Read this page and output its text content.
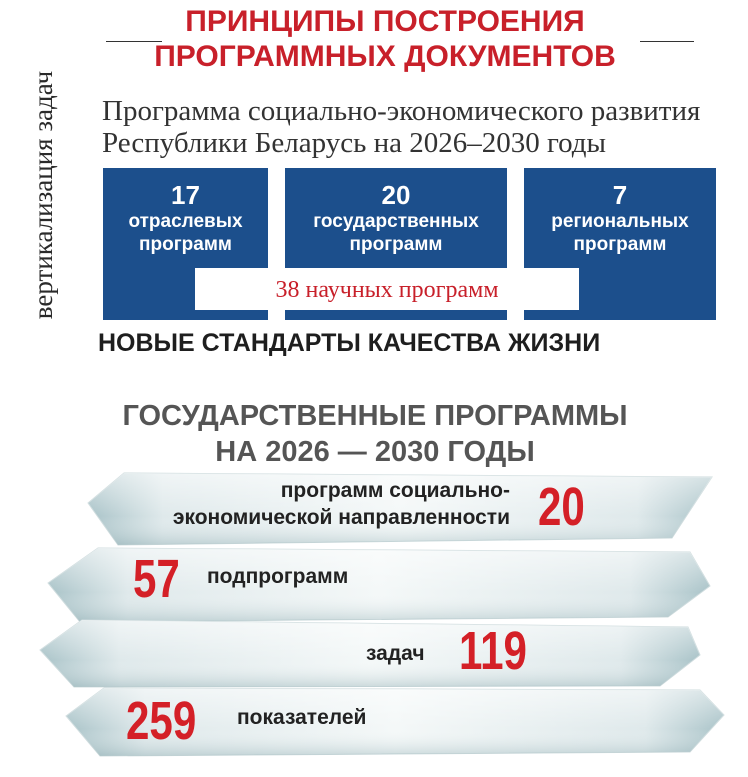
вертикализация задач
ПРИНЦИПЫ ПОСТРОЕНИЯ
ПРОГРАММНЫХ ДОКУМЕНТОВ
Программа социально-экономического развития
Республики Беларусь на 2026–2030 годы
17
отраслевых
программ
20
государственных
программ
7
региональных
программ
38 научных программ
НОВЫЕ СТАНДАРТЫ КАЧЕСТВА ЖИЗНИ
ГОСУДАРСТВЕННЫЕ ПРОГРАММЫ
НА 2026 — 2030 ГОДЫ
программ социально-
экономической направленности 20
57 подпрограмм
задач 119
259 показателей
